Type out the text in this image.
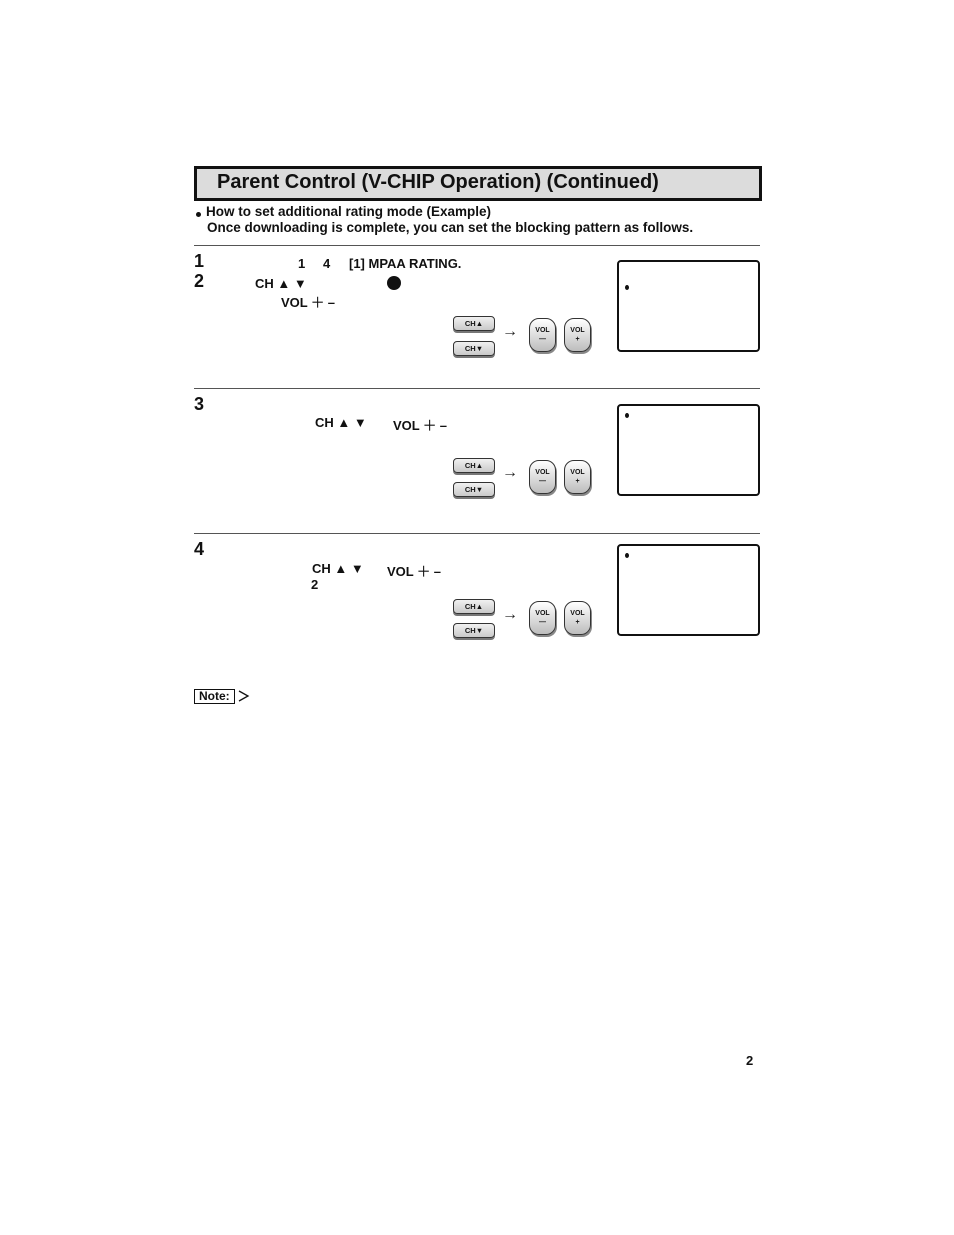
Parent Control (V-CHIP Operation) (Continued)
How to set additional rating mode (Example)
Once downloading is complete, you can set the blocking pattern as follows.
1	1 4 [1] MPAA RATING.
2	CH ▲ ▼
VOL ＋ –
CH▲
CH▼
→ VOL
—
VOL
+
3
CH ▲ ▼ VOL ＋ –
CH▲
CH▼
→ VOL
—
VOL
+
4
CH ▲ ▼ VOL ＋ –
2
CH▲
CH▼
→ VOL
—
VOL
+
Note:
2
